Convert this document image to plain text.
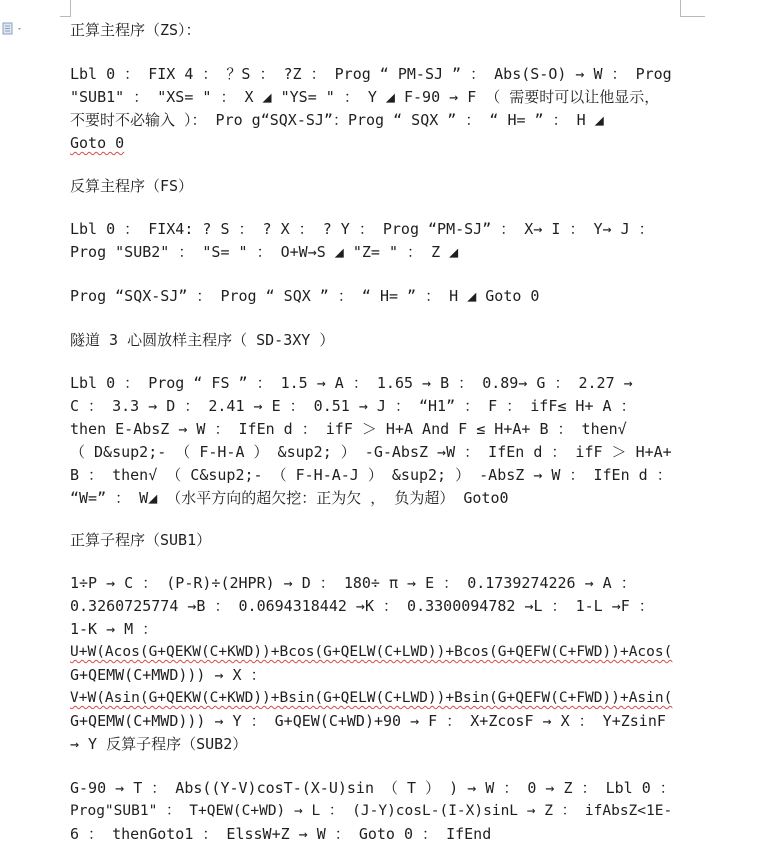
正算主程序（ZS）：
Lbl 0 ： FIX 4 ： ？S ： ?Z ： Prog “ PM-SJ ” ： Abs(S-O) → W ： Prog
"SUB1" ： "XS= " ： X ◢ "YS= " ： Y ◢ F-90 → F （ 需要时可以让他显示，
不要时不必输入 ）： Pro g“SQX-SJ”：Prog “ SQX ” ： “ H= ” ： H ◢
Goto 0
反算主程序（FS）
Lbl 0 ： FIX4: ? S ： ? X ： ? Y ： Prog “PM-SJ” ： X→ I ： Y→ J ：
Prog "SUB2" ： "S= " ： O+W→S ◢ "Z= " ： Z ◢
Prog “SQX-SJ” ： Prog “ SQX ” ： “ H= ” ： H ◢ Goto 0
隧道 3 心圆放样主程序（ SD-3XY ）
Lbl 0 ： Prog “ FS ” ： 1.5 → A ： 1.65 → B ： 0.89→ G ： 2.27 →
C ： 3.3 → D ： 2.41 → E ： 0.51 → J ： “H1” ： F ： ifF≤ H+ A ：
then E-AbsZ → W ： IfEn d ： ifF ＞ H+A And F ≤ H+A+ B ： then√
（ D&sup2;- （ F-H-A ） &sup2; ） -G-AbsZ →W ： IfEn d ： ifF ＞ H+A+
B ： then√ （ C&sup2;- （ F-H-A-J ） &sup2; ） -AbsZ → W ： IfEn d ：
“W=” ： W◢ （水平方向的超欠挖：正为欠 ， 负为超） Goto0
正算子程序（SUB1）
1÷P → C ： (P-R)÷(2HPR) → D ： 180÷ π → E ： 0.1739274226 → A ：
0.3260725774 →B ： 0.0694318442 →K ： 0.3300094782 →L ： 1-L →F ：
1-K → M ：
U+W(Acos(G+QEKW(C+KWD))+Bcos(G+QELW(C+LWD))+Bcos(G+QEFW(C+FWD))+Acos(
G+QEMW(C+MWD))) → X ：
V+W(Asin(G+QEKW(C+KWD))+Bsin(G+QELW(C+LWD))+Bsin(G+QEFW(C+FWD))+Asin(
G+QEMW(C+MWD))) → Y ： G+QEW(C+WD)+90 → F ： X+ZcosF → X ： Y+ZsinF
→ Y 反算子程序（SUB2）
G-90 → T ： Abs((Y-V)cosT-(X-U)sin （ T ） ) → W ： 0 → Z ： Lbl 0 ：
Prog"SUB1" ： T+QEW(C+WD) → L ： (J-Y)cosL-(I-X)sinL → Z ： ifAbsZ<1E-
6 ： thenGoto1 ： ElssW+Z → W ： Goto 0 ： IfEnd
